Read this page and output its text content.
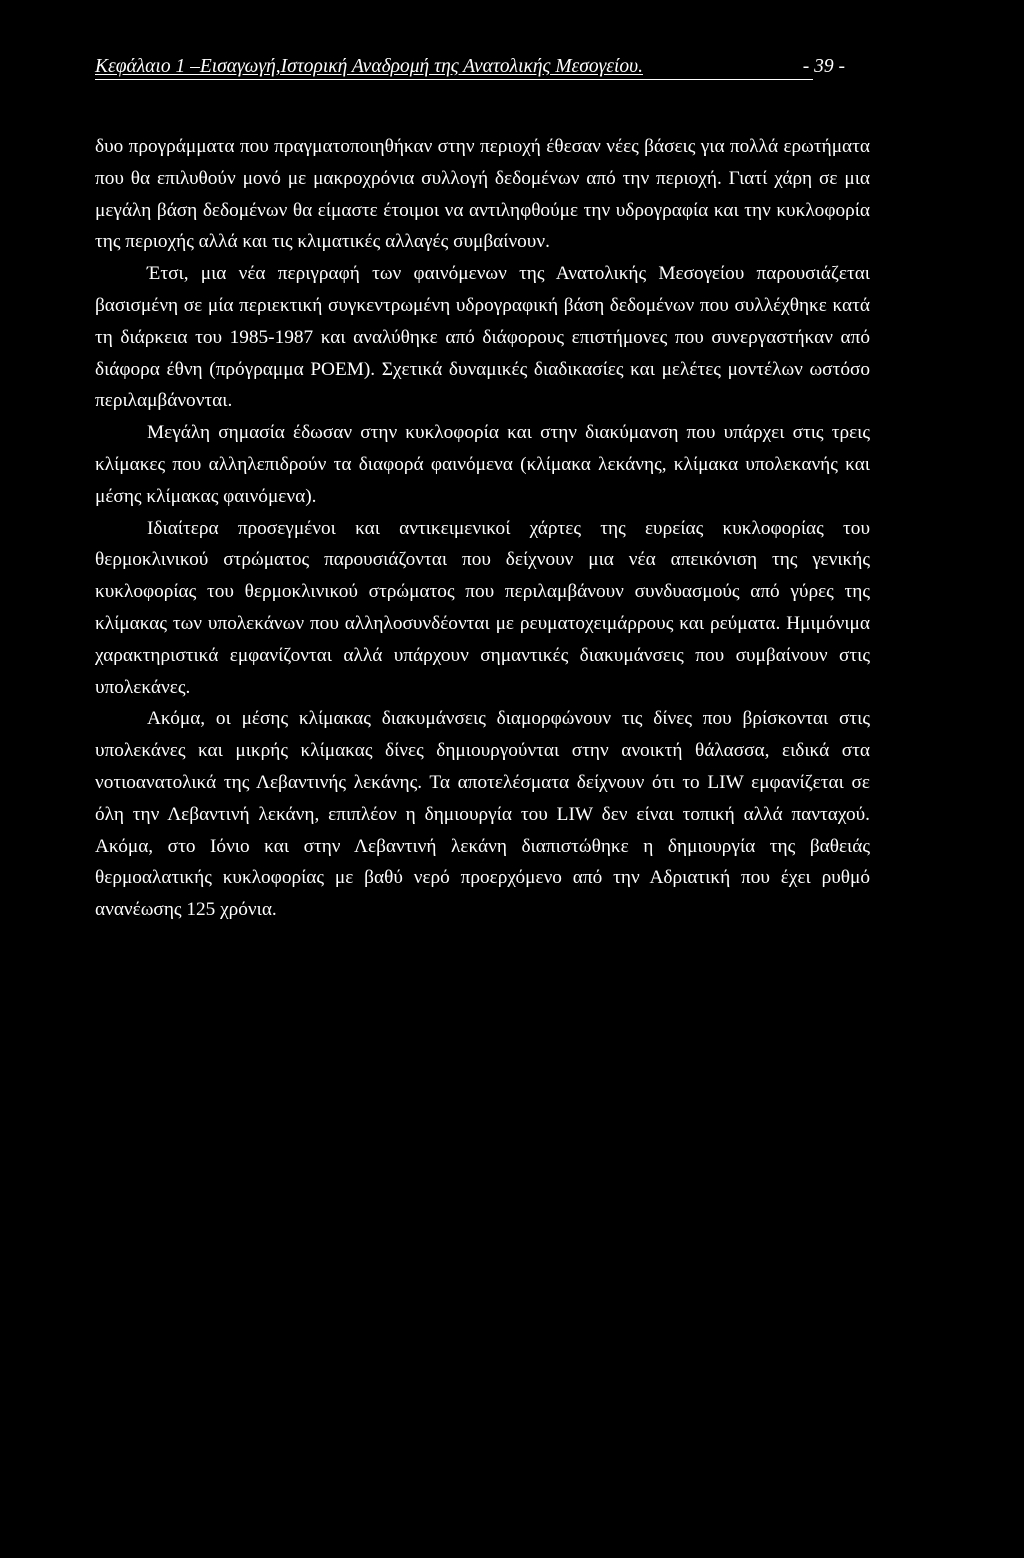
Κεφάλαιο 1 –Εισαγωγή,Ιστορική Αναδρομή της Ανατολικής Μεσογείου.	- 39 -

δυο προγράμματα που πραγματοποιηθήκαν στην περιοχή έθεσαν νέες βάσεις για πολλά ερωτήματα που θα επιλυθούν μονό με μακροχρόνια συλλογή δεδομένων από την περιοχή. Γιατί χάρη σε μια μεγάλη βάση δεδομένων θα είμαστε έτοιμοι να αντιληφθούμε την υδρογραφία και την κυκλοφορία της περιοχής αλλά και τις κλιματικές αλλαγές συμβαίνουν.

Έτσι, μια νέα περιγραφή των φαινόμενων της Ανατολικής Μεσογείου παρουσιάζεται βασισμένη σε μία περιεκτική συγκεντρωμένη υδρογραφική βάση δεδομένων που συλλέχθηκε κατά τη διάρκεια του 1985-1987 και αναλύθηκε από διάφορους επιστήμονες που συνεργαστήκαν από διάφορα έθνη (πρόγραμμα POEM). Σχετικά δυναμικές διαδικασίες και μελέτες μοντέλων ωστόσο περιλαμβάνονται.

Μεγάλη σημασία έδωσαν στην κυκλοφορία και στην διακύμανση που υπάρχει στις τρεις κλίμακες που αλληλεπιδρούν τα διαφορά φαινόμενα (κλίμακα λεκάνης, κλίμακα υπολεκανής και μέσης κλίμακας φαινόμενα).

Ιδιαίτερα προσεγμένοι και αντικειμενικοί χάρτες της ευρείας κυκλοφορίας του θερμοκλινικού στρώματος παρουσιάζονται που δείχνουν μια νέα απεικόνιση της γενικής κυκλοφορίας του θερμοκλινικού στρώματος που περιλαμβάνουν συνδυασμούς από γύρες της κλίμακας των υπολεκάνων που αλληλοσυνδέονται με ρευματοχειμάρρους και ρεύματα. Ημιμόνιμα χαρακτηριστικά εμφανίζονται αλλά υπάρχουν σημαντικές διακυμάνσεις που συμβαίνουν στις υπολεκάνες.

Ακόμα, οι μέσης κλίμακας διακυμάνσεις διαμορφώνουν τις δίνες που βρίσκονται στις υπολεκάνες και μικρής κλίμακας δίνες δημιουργούνται στην ανοικτή θάλασσα, ειδικά στα νοτιοανατολικά της Λεβαντινής λεκάνης. Τα αποτελέσματα δείχνουν ότι το LIW εμφανίζεται σε όλη την Λεβαντινή λεκάνη, επιπλέον η δημιουργία του LIW δεν είναι τοπική αλλά πανταχού. Ακόμα, στο Ιόνιο και στην Λεβαντινή λεκάνη διαπιστώθηκε η δημιουργία της βαθειάς θερμοαλατικής κυκλοφορίας με βαθύ νερό προερχόμενο από την Αδριατική που έχει ρυθμό ανανέωσης 125 χρόνια.
